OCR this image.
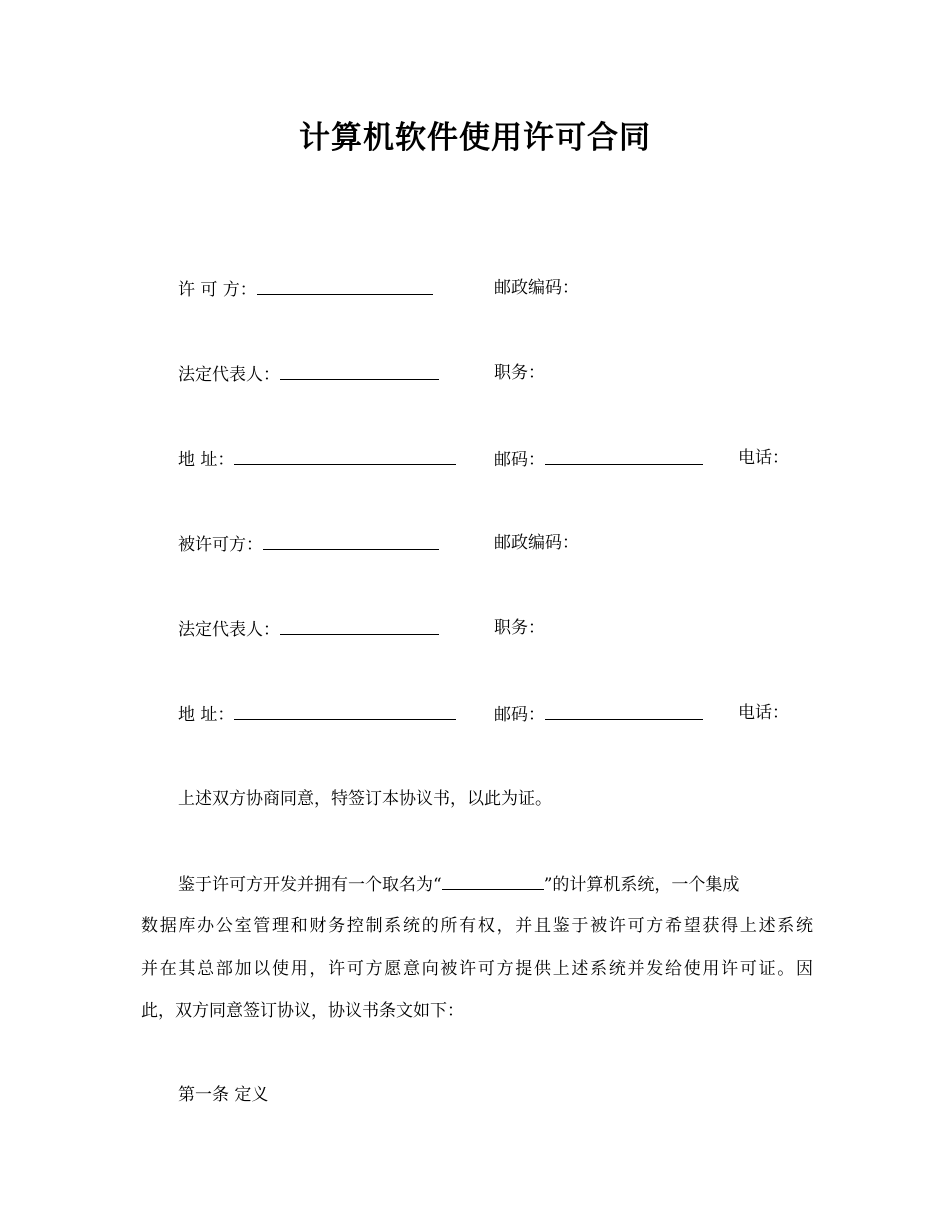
计算机软件使用许可合同
许 可 方：	邮政编码：
法定代表人：	职务：
地 址：	邮码：	电话：
被许可方：	邮政编码：
法定代表人：	职务：
地 址：	邮码：	电话：
上述双方协商同意，特签订本协议书，以此为证。
鉴于许可方开发并拥有一个取名为“	”的计算机系统，一个集成
数据库办公室管理和财务控制系统的所有权，并且鉴于被许可方希望获得上述系统
并在其总部加以使用，许可方愿意向被许可方提供上述系统并发给使用许可证。因
此，双方同意签订协议，协议书条文如下：
第一条 定义
